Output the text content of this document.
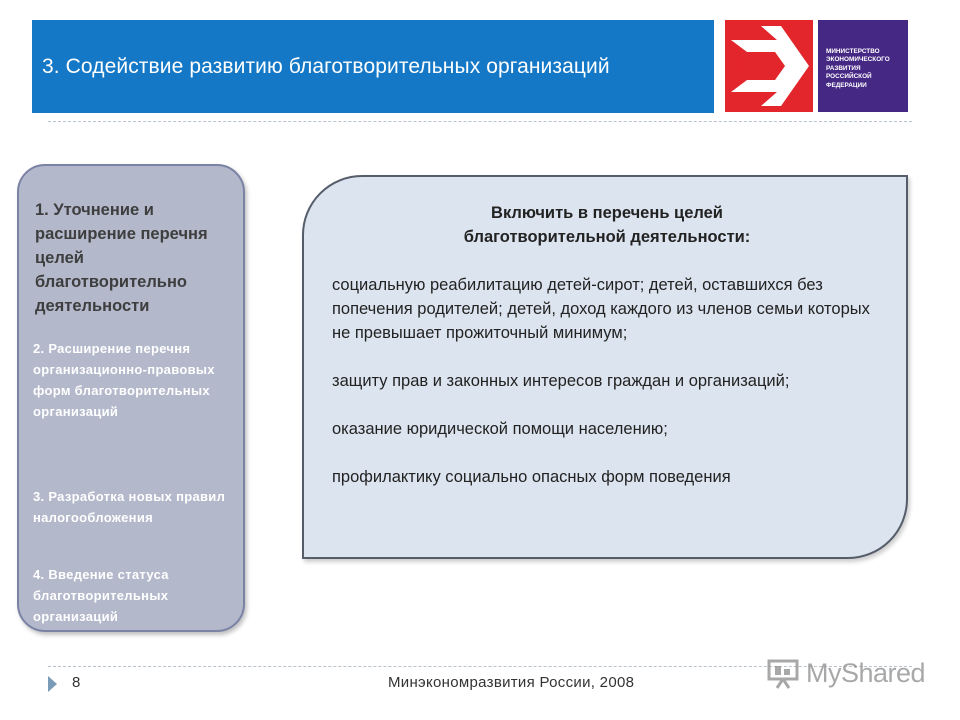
3. Содействие развитию благотворительных организаций
МИНИСТЕРСТВО
ЭКОНОМИЧЕСКОГО
РАЗВИТИЯ
РОССИЙСКОЙ
ФЕДЕРАЦИИ
1. Уточнение и расширение перечня целей благотворительно деятельности
2. Расширение перечня организационно-правовых форм благотворительных организаций
3. Разработка новых правил налогообложения
4. Введение статуса благотворительных организаций
Включить в перечень целей
благотворительной деятельности:

социальную реабилитацию детей-сирот; детей, оставшихся без попечения родителей; детей, доход каждого из членов семьи которых не превышает прожиточный минимум;

защиту прав и законных интересов граждан и организаций;

оказание юридической помощи населению;

профилактику социально опасных форм поведения

8	Минэкономразвития России, 2008	MyShared
